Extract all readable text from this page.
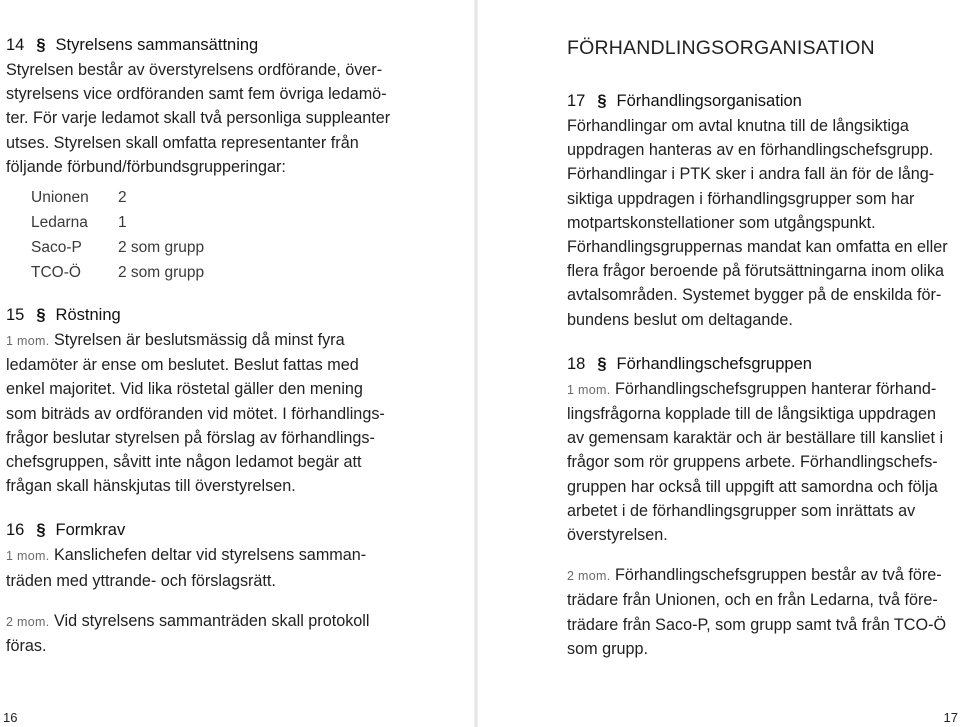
14 § Styrelsens sammansättning

Styrelsen består av överstyrelsens ordförande, över-

styrelsens vice ordföranden samt fem övriga ledamö-

ter. För varje ledamot skall två personliga suppleanter

utses. Styrelsen skall omfatta representanter från

följande förbund/förbundsgrupperingar:

Unionen	2
Ledarna	1
Saco-P	2 som grupp
TCO-Ö	2 som grupp
15 § Röstning

1 mom. Styrelsen är beslutsmässig då minst fyra

ledamöter är ense om beslutet. Beslut fattas med

enkel majoritet. Vid lika röstetal gäller den mening

som biträds av ordföranden vid mötet. I förhandlings-

frågor beslutar styrelsen på förslag av förhandlings-

chefsgruppen, såvitt inte någon ledamot begär att

frågan skall hänskjutas till överstyrelsen.

16 § Formkrav

1 mom. Kanslichefen deltar vid styrelsens samman-

träden med yttrande- och förslagsrätt.

2 mom. Vid styrelsens sammanträden skall protokoll

föras.

16
FÖRHANDLINGSORGANISATION
17 § Förhandlingsorganisation

Förhandlingar om avtal knutna till de långsiktiga

uppdragen hanteras av en förhandlingschefsgrupp.

Förhandlingar i PTK sker i andra fall än för de lång-

siktiga uppdragen i förhandlingsgrupper som har

motpartskonstellationer som utgångspunkt.

Förhandlingsgruppernas mandat kan omfatta en eller

flera frågor beroende på förutsättningarna inom olika

avtalsområden. Systemet bygger på de enskilda för-

bundens beslut om deltagande.

18 § Förhandlingschefsgruppen

1 mom. Förhandlingschefsgruppen hanterar förhand-

lingsfrågorna kopplade till de långsiktiga uppdragen

av gemensam karaktär och är beställare till kansliet i

frågor som rör gruppens arbete. Förhandlingschefs-

gruppen har också till uppgift att samordna och följa

arbetet i de förhandlingsgrupper som inrättats av

överstyrelsen.

2 mom. Förhandlingschefsgruppen består av två före-

trädare från Unionen, och en från Ledarna, två före-

trädare från Saco-P, som grupp samt två från TCO-Ö

som grupp.

17
